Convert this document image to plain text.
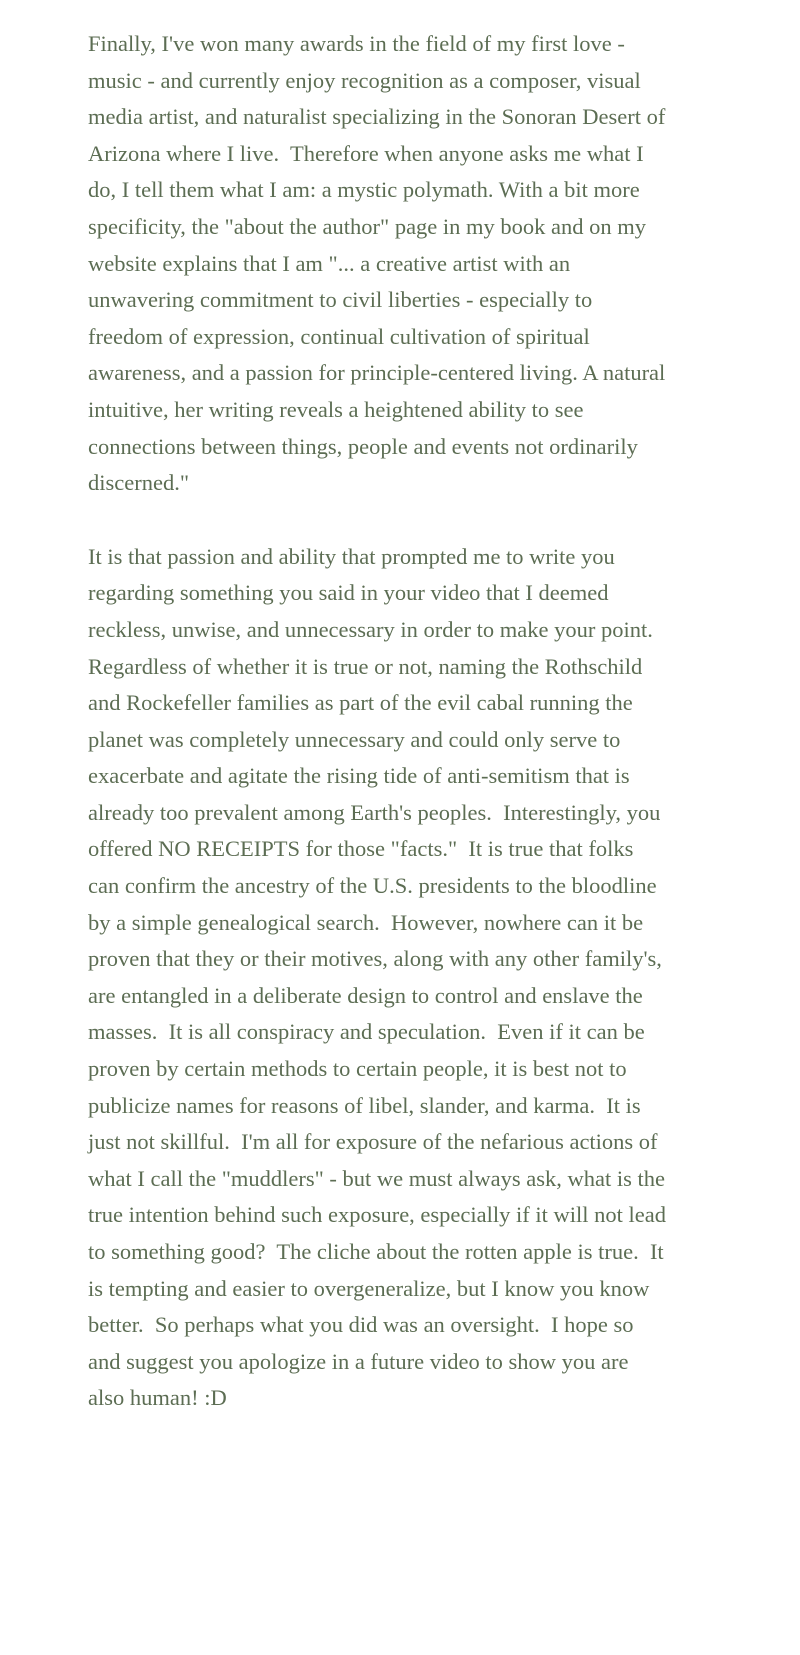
Finally, I've won many awards in the field of my first love - music - and currently enjoy recognition as a composer, visual media artist, and naturalist specializing in the Sonoran Desert of Arizona where I live.  Therefore when anyone asks me what I do, I tell them what I am: a mystic polymath. With a bit more specificity, the "about the author" page in my book and on my website explains that I am "... a creative artist with an unwavering commitment to civil liberties - especially to freedom of expression, continual cultivation of spiritual awareness, and a passion for principle-centered living. A natural intuitive, her writing reveals a heightened ability to see connections between things, people and events not ordinarily discerned."

It is that passion and ability that prompted me to write you regarding something you said in your video that I deemed reckless, unwise, and unnecessary in order to make your point.  Regardless of whether it is true or not, naming the Rothschild and Rockefeller families as part of the evil cabal running the planet was completely unnecessary and could only serve to exacerbate and agitate the rising tide of anti-semitism that is already too prevalent among Earth's peoples.  Interestingly, you offered NO RECEIPTS for those "facts."  It is true that folks can confirm the ancestry of the U.S. presidents to the bloodline by a simple genealogical search.  However, nowhere can it be proven that they or their motives, along with any other family's, are entangled in a deliberate design to control and enslave the masses.  It is all conspiracy and speculation.  Even if it can be proven by certain methods to certain people, it is best not to publicize names for reasons of libel, slander, and karma.  It is just not skillful.  I'm all for exposure of the nefarious actions of what I call the "muddlers" - but we must always ask, what is the true intention behind such exposure, especially if it will not lead to something good?  The cliche about the rotten apple is true.  It is tempting and easier to overgeneralize, but I know you know better.  So perhaps what you did was an oversight.  I hope so and suggest you apologize in a future video to show you are also human! :D
